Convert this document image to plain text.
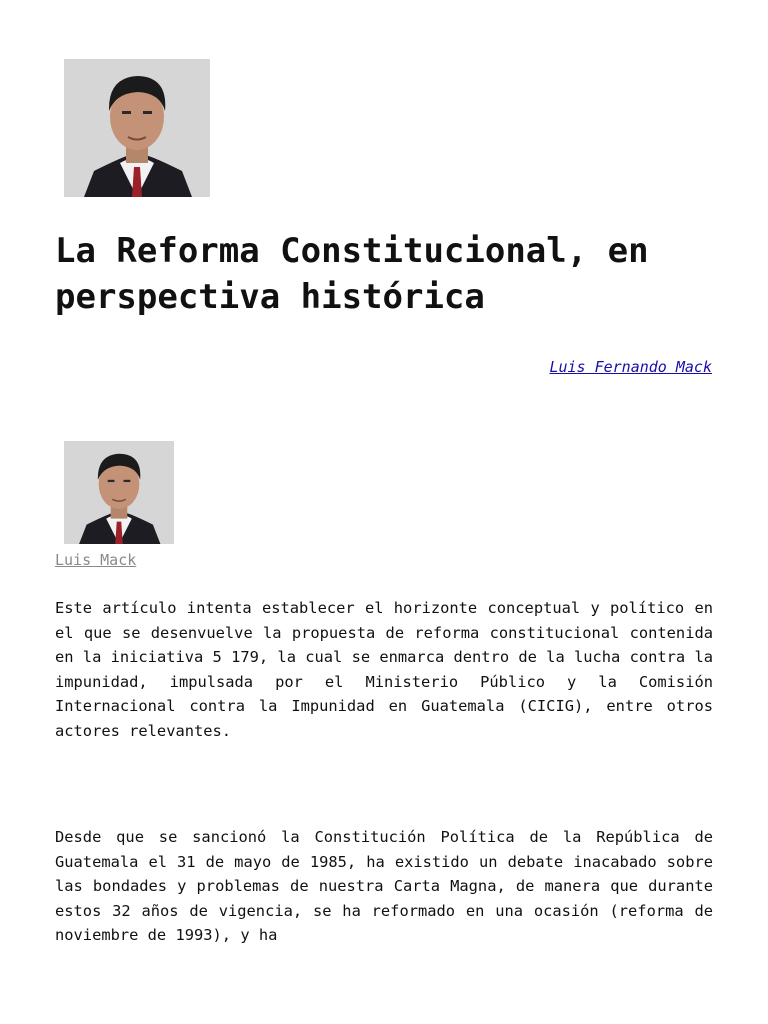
La Reforma Constitucional, en perspectiva histórica
Luis Fernando Mack
Luis Mack

Este artículo intenta establecer el horizonte conceptual y político en el que se desenvuelve la propuesta de reforma constitucional contenida en la iniciativa 5 179, la cual se enmarca dentro de la lucha contra la impunidad, impulsada por el Ministerio Público y la Comisión Internacional contra la Impunidad en Guatemala (CICIG), entre otros actores relevantes.

Desde que se sancionó la Constitución Política de la República de Guatemala el 31 de mayo de 1985, ha existido un debate inacabado sobre las bondades y problemas de nuestra Carta Magna, de manera que durante estos 32 años de vigencia, se ha reformado en una ocasión (reforma de noviembre de 1993), y ha
